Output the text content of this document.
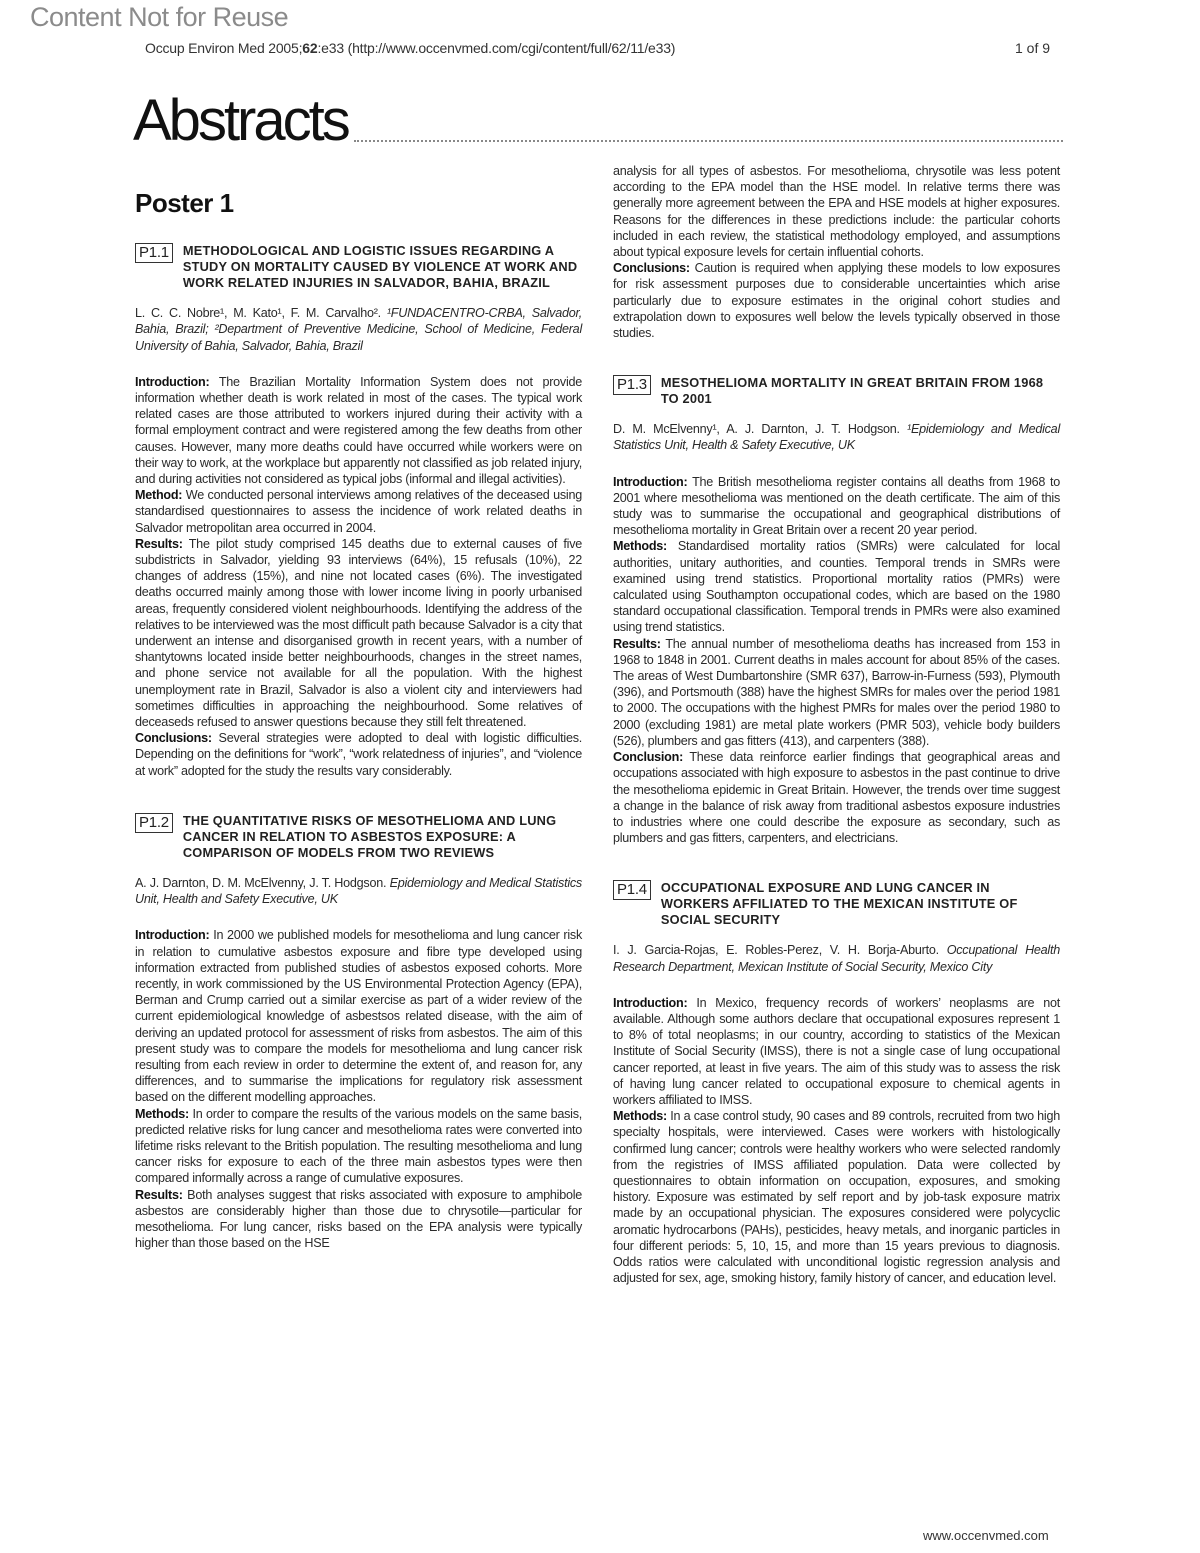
Content Not for Reuse
Occup Environ Med 2005;62:e33 (http://www.occenvmed.com/cgi/content/full/62/11/e33)	1 of 9
Abstracts
Poster 1
P1.1	METHODOLOGICAL AND LOGISTIC ISSUES REGARDING A STUDY ON MORTALITY CAUSED BY VIOLENCE AT WORK AND WORK RELATED INJURIES IN SALVADOR, BAHIA, BRAZIL
L. C. C. Nobre¹, M. Kato¹, F. M. Carvalho². ¹FUNDACENTRO-CRBA, Salvador, Bahia, Brazil; ²Department of Preventive Medicine, School of Medicine, Federal University of Bahia, Salvador, Bahia, Brazil

Introduction: The Brazilian Mortality Information System does not provide information whether death is work related in most of the cases. The typical work related cases are those attributed to workers injured during their activity with a formal employment contract and were registered among the few deaths from other causes. However, many more deaths could have occurred while workers were on their way to work, at the workplace but apparently not classified as job related injury, and during activities not considered as typical jobs (informal and illegal activities).

Method: We conducted personal interviews among relatives of the deceased using standardised questionnaires to assess the incidence of work related deaths in Salvador metropolitan area occurred in 2004.

Results: The pilot study comprised 145 deaths due to external causes of five subdistricts in Salvador, yielding 93 interviews (64%), 15 refusals (10%), 22 changes of address (15%), and nine not located cases (6%). The investigated deaths occurred mainly among those with lower income living in poorly urbanised areas, frequently considered violent neighbourhoods. Identifying the address of the relatives to be interviewed was the most difficult path because Salvador is a city that underwent an intense and disorganised growth in recent years, with a number of shantytowns located inside better neighbourhoods, changes in the street names, and phone service not available for all the population. With the highest unemployment rate in Brazil, Salvador is also a violent city and interviewers had sometimes difficulties in approaching the neighbourhood. Some relatives of deceaseds refused to answer questions because they still felt threatened.

Conclusions: Several strategies were adopted to deal with logistic difficulties. Depending on the definitions for “work”, “work relatedness of injuries”, and “violence at work” adopted for the study the results vary considerably.

P1.2	THE QUANTITATIVE RISKS OF MESOTHELIOMA AND LUNG CANCER IN RELATION TO ASBESTOS EXPOSURE: A COMPARISON OF MODELS FROM TWO REVIEWS
A. J. Darnton, D. M. McElvenny, J. T. Hodgson. Epidemiology and Medical Statistics Unit, Health and Safety Executive, UK

Introduction: In 2000 we published models for mesothelioma and lung cancer risk in relation to cumulative asbestos exposure and fibre type developed using information extracted from published studies of asbestos exposed cohorts. More recently, in work commissioned by the US Environmental Protection Agency (EPA), Berman and Crump carried out a similar exercise as part of a wider review of the current epidemiological knowledge of asbestsos related disease, with the aim of deriving an updated protocol for assessment of risks from asbestos. The aim of this present study was to compare the models for mesothelioma and lung cancer risk resulting from each review in order to determine the extent of, and reason for, any differences, and to summarise the implications for regulatory risk assessment based on the different modelling approaches.

Methods: In order to compare the results of the various models on the same basis, predicted relative risks for lung cancer and mesothelioma rates were converted into lifetime risks relevant to the British population. The resulting mesothelioma and lung cancer risks for exposure to each of the three main asbestos types were then compared informally across a range of cumulative exposures.

Results: Both analyses suggest that risks associated with exposure to amphibole asbestos are considerably higher than those due to chrysotile—particular for mesothelioma. For lung cancer, risks based on the EPA analysis were typically higher than those based on the HSE

analysis for all types of asbestos. For mesothelioma, chrysotile was less potent according to the EPA model than the HSE model. In relative terms there was generally more agreement between the EPA and HSE models at higher exposures. Reasons for the differences in these predictions include: the particular cohorts included in each review, the statistical methodology employed, and assumptions about typical exposure levels for certain influential cohorts.

Conclusions: Caution is required when applying these models to low exposures for risk assessment purposes due to considerable uncertainties which arise particularly due to exposure estimates in the original cohort studies and extrapolation down to exposures well below the levels typically observed in those studies.

P1.3	MESOTHELIOMA MORTALITY IN GREAT BRITAIN FROM 1968 TO 2001
D. M. McElvenny¹, A. J. Darnton, J. T. Hodgson. ¹Epidemiology and Medical Statistics Unit, Health & Safety Executive, UK

Introduction: The British mesothelioma register contains all deaths from 1968 to 2001 where mesothelioma was mentioned on the death certificate. The aim of this study was to summarise the occupational and geographical distributions of mesothelioma mortality in Great Britain over a recent 20 year period.

Methods: Standardised mortality ratios (SMRs) were calculated for local authorities, unitary authorities, and counties. Temporal trends in SMRs were examined using trend statistics. Proportional mortality ratios (PMRs) were calculated using Southampton occupational codes, which are based on the 1980 standard occupational classification. Temporal trends in PMRs were also examined using trend statistics.

Results: The annual number of mesothelioma deaths has increased from 153 in 1968 to 1848 in 2001. Current deaths in males account for about 85% of the cases. The areas of West Dumbartonshire (SMR 637), Barrow-in-Furness (593), Plymouth (396), and Portsmouth (388) have the highest SMRs for males over the period 1981 to 2000. The occupations with the highest PMRs for males over the period 1980 to 2000 (excluding 1981) are metal plate workers (PMR 503), vehicle body builders (526), plumbers and gas fitters (413), and carpenters (388).

Conclusion: These data reinforce earlier findings that geographical areas and occupations associated with high exposure to asbestos in the past continue to drive the mesothelioma epidemic in Great Britain. However, the trends over time suggest a change in the balance of risk away from traditional asbestos exposure industries to industries where one could describe the exposure as secondary, such as plumbers and gas fitters, carpenters, and electricians.

P1.4	OCCUPATIONAL EXPOSURE AND LUNG CANCER IN WORKERS AFFILIATED TO THE MEXICAN INSTITUTE OF SOCIAL SECURITY
I. J. Garcia-Rojas, E. Robles-Perez, V. H. Borja-Aburto. Occupational Health Research Department, Mexican Institute of Social Security, Mexico City

Introduction: In Mexico, frequency records of workers’ neoplasms are not available. Although some authors declare that occupational exposures represent 1 to 8% of total neoplasms; in our country, according to statistics of the Mexican Institute of Social Security (IMSS), there is not a single case of lung occupational cancer reported, at least in five years. The aim of this study was to assess the risk of having lung cancer related to occupational exposure to chemical agents in workers affiliated to IMSS.

Methods: In a case control study, 90 cases and 89 controls, recruited from two high specialty hospitals, were interviewed. Cases were workers with histologically confirmed lung cancer; controls were healthy workers who were selected randomly from the registries of IMSS affiliated population. Data were collected by questionnaires to obtain information on occupation, exposures, and smoking history. Exposure was estimated by self report and by job-task exposure matrix made by an occupational physician. The exposures considered were polycyclic aromatic hydrocarbons (PAHs), pesticides, heavy metals, and inorganic particles in four different periods: 5, 10, 15, and more than 15 years previous to diagnosis. Odds ratios were calculated with unconditional logistic regression analysis and adjusted for sex, age, smoking history, family history of cancer, and education level.

www.occenvmed.com
